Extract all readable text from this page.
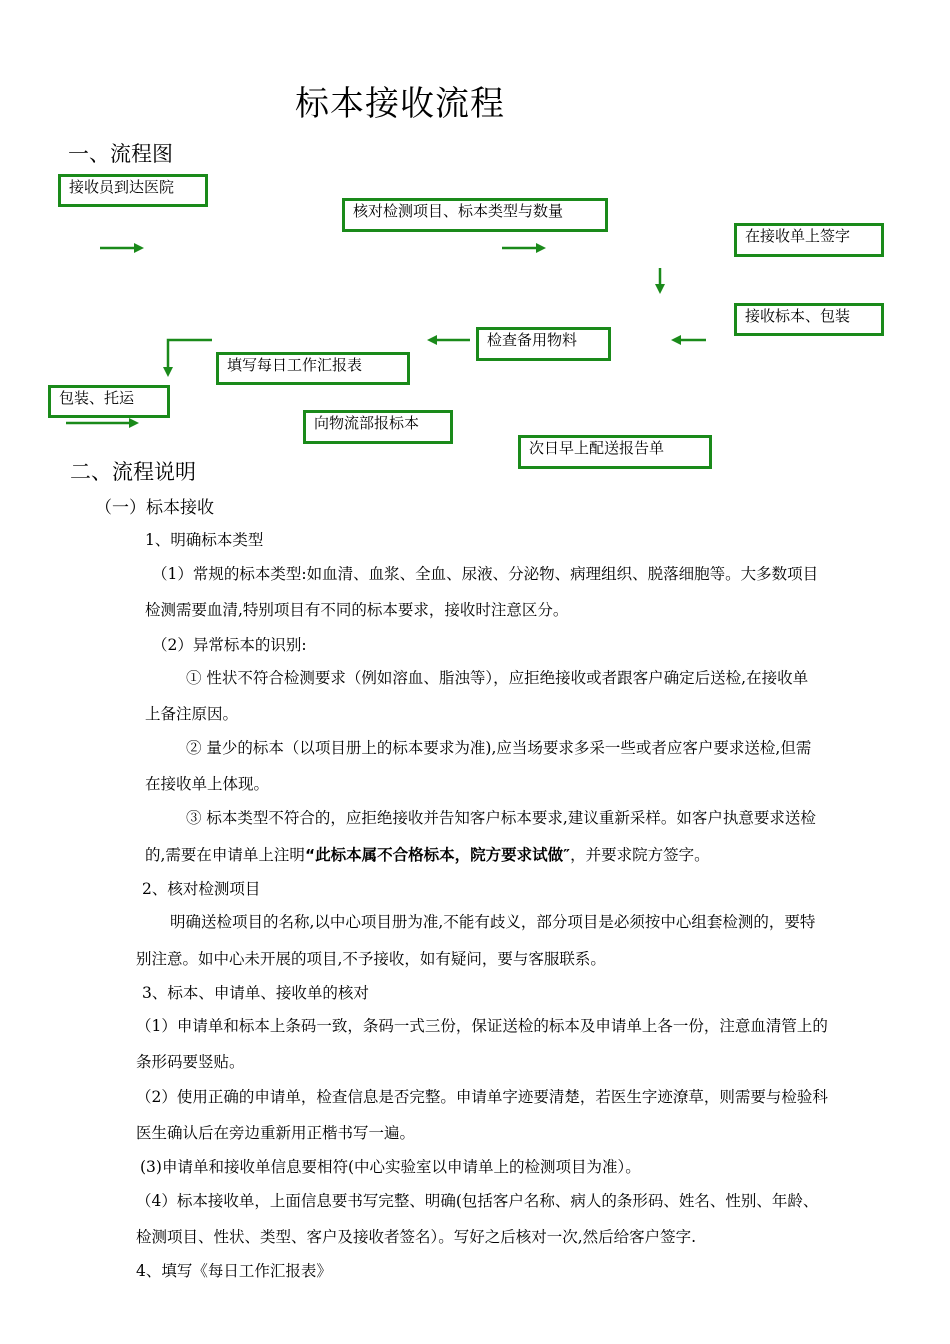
标本接收流程
一、流程图
接收员到达医院
核对检测项目、标本类型与数量
在接收单上签字
接收标本、包装
检查备用物料
填写每日工作汇报表
包装、托运
向物流部报标本
次日早上配送报告单
二、流程说明
（一）标本接收
1、明确标本类型
（1）常规的标本类型:如血清、血浆、全血、尿液、分泌物、病理组织、脱落细胞等。大多数项目
检测需要血清,特别项目有不同的标本要求，接收时注意区分。
（2）异常标本的识别:
① 性状不符合检测要求（例如溶血、脂浊等），应拒绝接收或者跟客户确定后送检,在接收单
上备注原因。
② 量少的标本（以项目册上的标本要求为准),应当场要求多采一些或者应客户要求送检,但需
在接收单上体现。
③ 标本类型不符合的，应拒绝接收并告知客户标本要求,建议重新采样。如客户执意要求送检
的,需要在申请单上注明“此标本属不合格标本，院方要求试做″，并要求院方签字。
2、核对检测项目
明确送检项目的名称,以中心项目册为准,不能有歧义，部分项目是必须按中心组套检测的，要特
别注意。如中心未开展的项目,不予接收，如有疑问，要与客服联系。
3、标本、申请单、接收单的核对
（1）申请单和标本上条码一致，条码一式三份，保证送检的标本及申请单上各一份，注意血清管上的
条形码要竖贴。
（2）使用正确的申请单，检查信息是否完整。申请单字迹要清楚，若医生字迹潦草，则需要与检验科
医生确认后在旁边重新用正楷书写一遍。
(3)申请单和接收单信息要相符(中心实验室以申请单上的检测项目为准）。
（4）标本接收单，上面信息要书写完整、明确(包括客户名称、病人的条形码、姓名、性别、年龄、
检测项目、性状、类型、客户及接收者签名）。写好之后核对一次,然后给客户签字.
4、填写《每日工作汇报表》
